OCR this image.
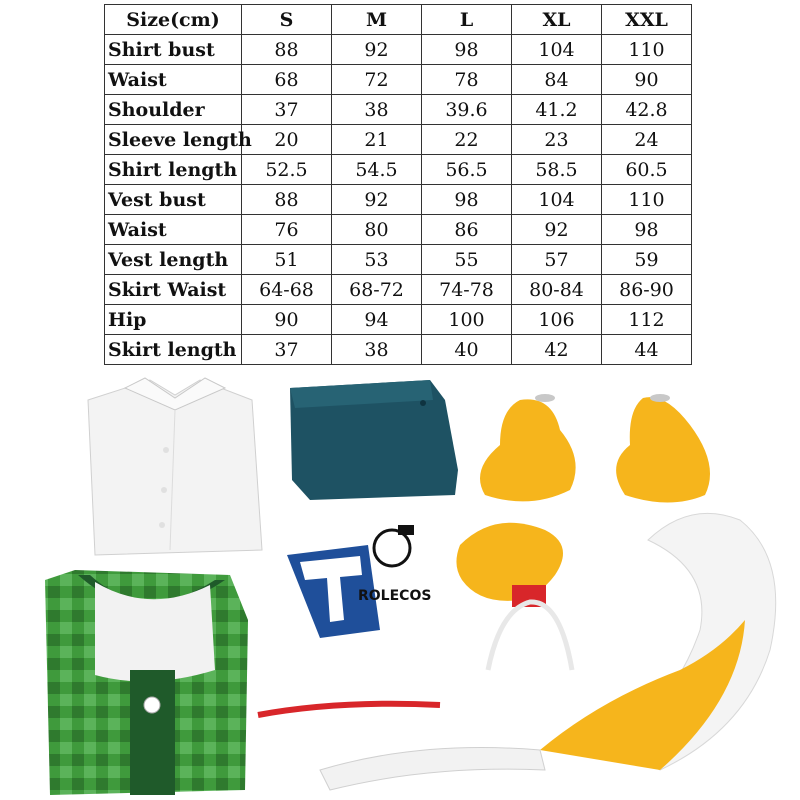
Size(cm)	S	M	L	XL	XXL
Shirt bust	88	92	98	104	110
Waist	68	72	78	84	90
Shoulder	37	38	39.6	41.2	42.8
Sleeve length	20	21	22	23	24
Shirt length	52.5	54.5	56.5	58.5	60.5
Vest bust	88	92	98	104	110
Waist	76	80	86	92	98
Vest length	51	53	55	57	59
Skirt Waist	64-68	68-72	74-78	80-84	86-90
Hip	90	94	100	106	112
Skirt length	37	38	40	42	44
ROLECOS
